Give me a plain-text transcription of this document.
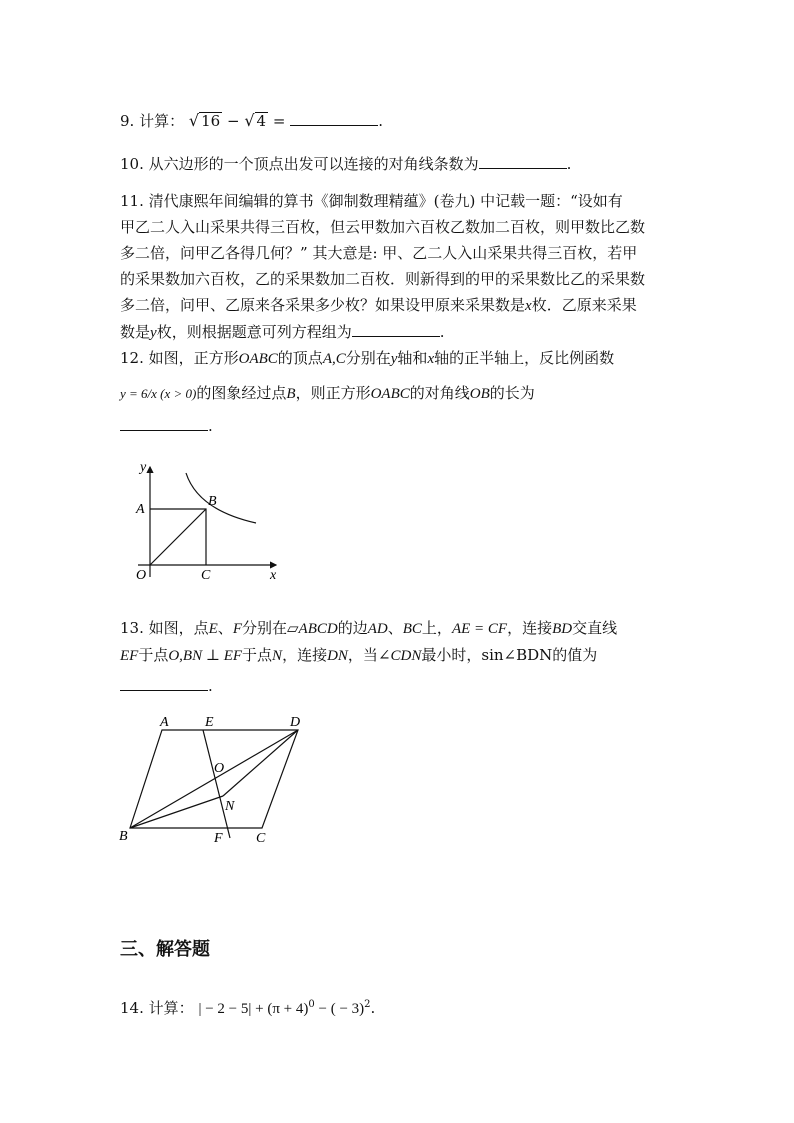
9. 计算： √ 16 − √ 4 =	.
10. 从六边形的一个顶点出发可以连接的对角线条数为	.
11. 清代康熙年间编辑的算书《御制数理精蕴》(卷九) 中记载一题：“设如有
甲乙二人入山采果共得三百枚，但云甲数加六百枚乙数加二百枚，则甲数比乙数
多二倍，问甲乙各得几何？” 其大意是: 甲、乙二人入山采果共得三百枚，若甲
的采果数加六百枚，乙的采果数加二百枚．则新得到的甲的采果数比乙的采果数
多二倍，问甲、乙原来各采果多少枚？如果设甲原来采果数是x枚．乙原来采果
数是y枚，则根据题意可列方程组为	.
12. 如图，正方形OABC的顶点A,C分别在y轴和x轴的正半轴上，反比例函数
y = 6/x (x > 0)的图象经过点B，则正方形OABC的对角线OB的长为
.
y
x
A
B
O	C
13. 如图，点E、F分别在▱ABCD的边AD、BC上，AE = CF，连接BD交直线
EF于点O,BN ⊥ EF于点N，连接DN，当∠CDN最小时，sin∠BDN的值为
.
A	E	D
O
N
B	F C
三、解答题
14. 计算： | − $2 - 5| + (\pi + 4)^0$ − ( − 3)$^2$.
